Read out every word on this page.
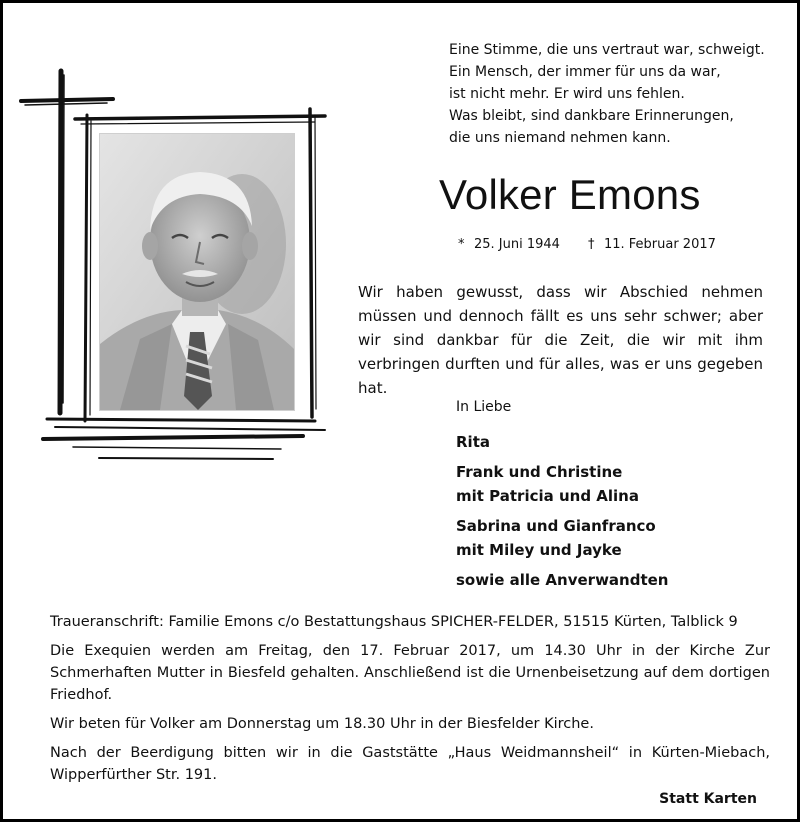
Eine Stimme, die uns vertraut war, schweigt.
Ein Mensch, der immer für uns da war,
ist nicht mehr. Er wird uns fehlen.
Was bleibt, sind dankbare Erinnerungen,
die uns niemand nehmen kann.
Volker Emons
* 25. Juni 1944 † 11. Februar 2017
Wir haben gewusst, dass wir Abschied nehmen müssen und dennoch fällt es uns sehr schwer; aber wir sind dankbar für die Zeit, die wir mit ihm verbringen durften und für alles, was er uns gegeben hat.
In Liebe
Rita
Frank und Christine
mit Patricia und Alina
Sabrina und Gianfranco
mit Miley und Jayke
sowie alle Anverwandten

Traueranschrift: Familie Emons c/o Bestattungshaus SPICHER-FELDER, 51515 Kürten, Talblick 9

Die Exequien werden am Freitag, den 17. Februar 2017, um 14.30 Uhr in der Kirche Zur Schmerhaften Mutter in Biesfeld gehalten. Anschließend ist die Urnenbeisetzung auf dem dortigen Friedhof.

Wir beten für Volker am Donnerstag um 18.30 Uhr in der Biesfelder Kirche.

Nach der Beerdigung bitten wir in die Gaststätte „Haus Weidmannsheil“ in Kürten-Miebach, Wipperfürther Str. 191.

Statt Karten
